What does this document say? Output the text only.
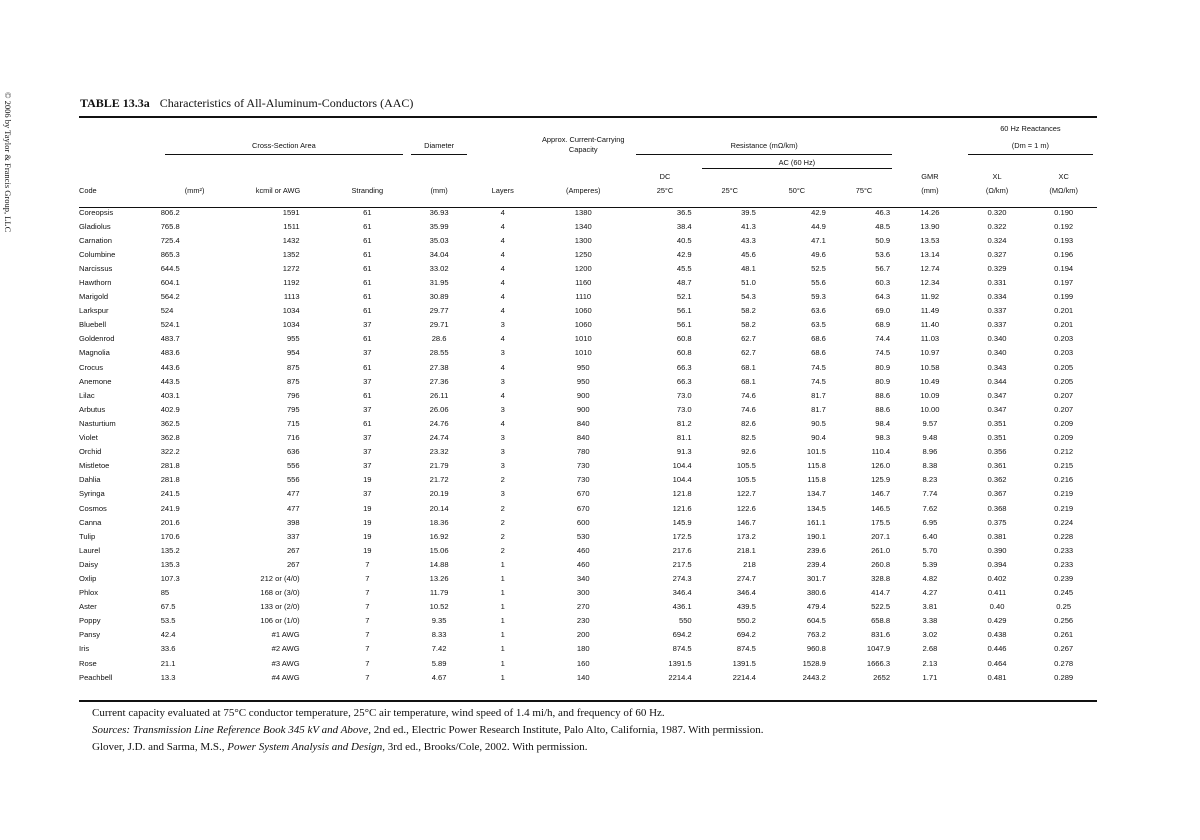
© 2006 by Taylor & Francis Group, LLC	TABLE 13.3a Characteristics of All-Aluminum-Conductors (AAC)
												60 Hz Reactances	
	Cross-Section Area			Diameter		Approx. Current-Carrying Capacity	Resistance (mΩ/km)					(Dm = 1 m)	
								AC (60 Hz)					
							DC				GMR	XL	XC
Code	(mm²)	kcmil or AWG	Stranding	(mm)	Layers	(Amperes)	25°C	25°C	50°C	75°C	(mm)	(Ω/km)	(MΩ/km)

Coreopsis	806.2	1591	61	36.93	4	1380	36.5	39.5	42.9	46.3	14.26	0.320	0.190
Gladiolus	765.8	1511	61	35.99	4	1340	38.4	41.3	44.9	48.5	13.90	0.322	0.192
Carnation	725.4	1432	61	35.03	4	1300	40.5	43.3	47.1	50.9	13.53	0.324	0.193
Columbine	865.3	1352	61	34.04	4	1250	42.9	45.6	49.6	53.6	13.14	0.327	0.196
Narcissus	644.5	1272	61	33.02	4	1200	45.5	48.1	52.5	56.7	12.74	0.329	0.194
Hawthorn	604.1	1192	61	31.95	4	1160	48.7	51.0	55.6	60.3	12.34	0.331	0.197
Marigold	564.2	1113	61	30.89	4	1110	52.1	54.3	59.3	64.3	11.92	0.334	0.199
Larkspur	524	1034	61	29.77	4	1060	56.1	58.2	63.6	69.0	11.49	0.337	0.201
Bluebell	524.1	1034	37	29.71	3	1060	56.1	58.2	63.5	68.9	11.40	0.337	0.201
Goldenrod	483.7	955	61	28.6	4	1010	60.8	62.7	68.6	74.4	11.03	0.340	0.203
Magnolia	483.6	954	37	28.55	3	1010	60.8	62.7	68.6	74.5	10.97	0.340	0.203
Crocus	443.6	875	61	27.38	4	950	66.3	68.1	74.5	80.9	10.58	0.343	0.205
Anemone	443.5	875	37	27.36	3	950	66.3	68.1	74.5	80.9	10.49	0.344	0.205
Lilac	403.1	796	61	26.11	4	900	73.0	74.6	81.7	88.6	10.09	0.347	0.207
Arbutus	402.9	795	37	26.06	3	900	73.0	74.6	81.7	88.6	10.00	0.347	0.207
Nasturtium	362.5	715	61	24.76	4	840	81.2	82.6	90.5	98.4	9.57	0.351	0.209
Violet	362.8	716	37	24.74	3	840	81.1	82.5	90.4	98.3	9.48	0.351	0.209
Orchid	322.2	636	37	23.32	3	780	91.3	92.6	101.5	110.4	8.96	0.356	0.212
Mistletoe	281.8	556	37	21.79	3	730	104.4	105.5	115.8	126.0	8.38	0.361	0.215
Dahlia	281.8	556	19	21.72	2	730	104.4	105.5	115.8	125.9	8.23	0.362	0.216
Syringa	241.5	477	37	20.19	3	670	121.8	122.7	134.7	146.7	7.74	0.367	0.219
Cosmos	241.9	477	19	20.14	2	670	121.6	122.6	134.5	146.5	7.62	0.368	0.219
Canna	201.6	398	19	18.36	2	600	145.9	146.7	161.1	175.5	6.95	0.375	0.224
Tulip	170.6	337	19	16.92	2	530	172.5	173.2	190.1	207.1	6.40	0.381	0.228
Laurel	135.2	267	19	15.06	2	460	217.6	218.1	239.6	261.0	5.70	0.390	0.233
Daisy	135.3	267	7	14.88	1	460	217.5	218	239.4	260.8	5.39	0.394	0.233
Oxlip	107.3	212 or (4/0)	7	13.26	1	340	274.3	274.7	301.7	328.8	4.82	0.402	0.239
Phlox	85	168 or (3/0)	7	11.79	1	300	346.4	346.4	380.6	414.7	4.27	0.411	0.245
Aster	67.5	133 or (2/0)	7	10.52	1	270	436.1	439.5	479.4	522.5	3.81	0.40	0.25
Poppy	53.5	106 or (1/0)	7	9.35	1	230	550	550.2	604.5	658.8	3.38	0.429	0.256
Pansy	42.4	#1 AWG	7	8.33	1	200	694.2	694.2	763.2	831.6	3.02	0.438	0.261
Iris	33.6	#2 AWG	7	7.42	1	180	874.5	874.5	960.8	1047.9	2.68	0.446	0.267
Rose	21.1	#3 AWG	7	5.89	1	160	1391.5	1391.5	1528.9	1666.3	2.13	0.464	0.278
Peachbell	13.3	#4 AWG	7	4.67	1	140	2214.4	2214.4	2443.2	2652	1.71	0.481	0.289
Current capacity evaluated at 75°C conductor temperature, 25°C air temperature, wind speed of 1.4 mi/h, and frequency of 60 Hz.
Sources: Transmission Line Reference Book 345 kV and Above, 2nd ed., Electric Power Research Institute, Palo Alto, California, 1987. With permission.
Glover, J.D. and Sarma, M.S., Power System Analysis and Design, 3rd ed., Brooks/Cole, 2002. With permission.
